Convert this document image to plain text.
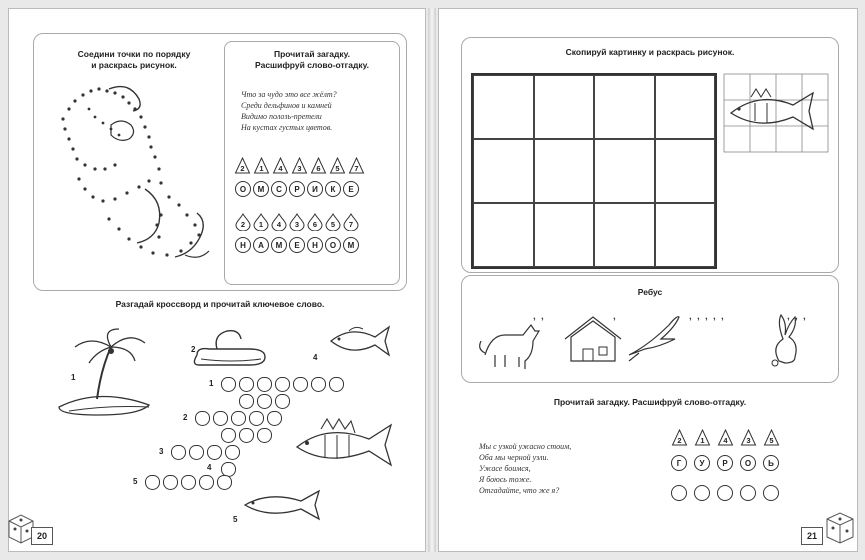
Соедини точки по порядку
и раскрась рисунок.
Прочитай загадку.
Расшифруй слово-отгадку.
Что за чудо это все жёлт?
Среди дельфинов и камней
Видимо полозь-претели
На кустах густых цветов.
2	1	4	3	6	5	7
О	М	С	Р	И	К	Е
2	1	4	3	6	5	7
Н	А	М	Е	Н	О	М
Разгадай кроссворд и прочитай ключевое слово.
2
4
1
1
2
3
4
5
5
20
Скопируй картинку и раскрась рисунок.
Ребус
‚ ‚	‚	‚ ‚ ‚ ‚ ‚	‚ ‚ ‚
Прочитай загадку. Расшифруй слово-отгадку.
Мы с узкой ужасно стоим,
Оба мы черной узли.
Ужасе боимся,
Я боюсь тоже.
Отгадайте, что же я?
2	1	4	3	5
Г	У	Р	О	Ь
21
